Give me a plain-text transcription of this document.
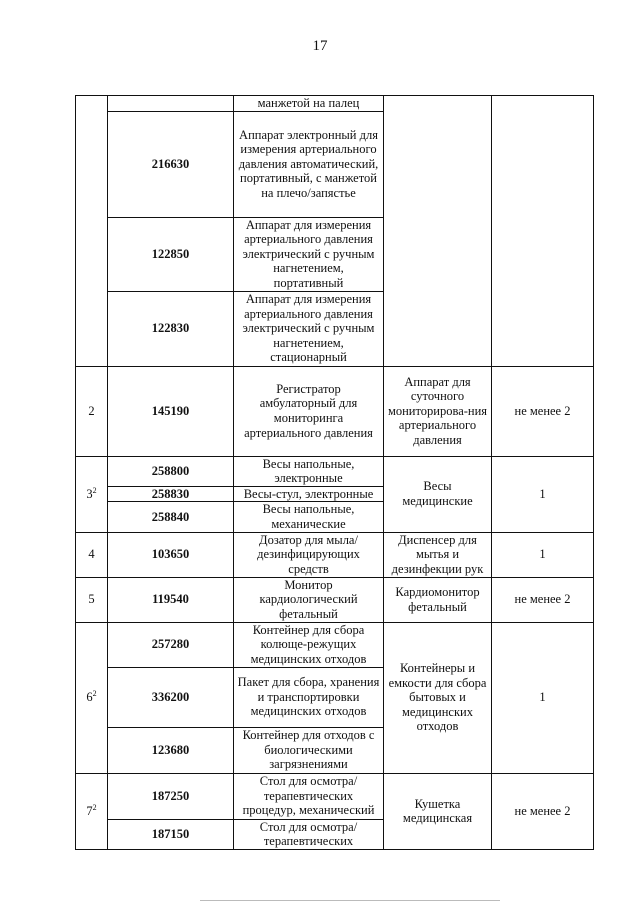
17
		манжетой на палец		
	216630	Аппарат электронный для измерения артериального давления автоматический, портативный, с манжетой на плечо/запястье		
	122850	Аппарат для измерения артериального давления электрический с ручным нагнетением, портативный		
	122830	Аппарат для измерения артериального давления электрический с ручным нагнетением, стационарный		
2	145190	Регистратор амбулаторный для мониторинга артериального давления	Аппарат для суточного мониторирова-ния артериального давления	не менее 2
$3^2$	258800	Весы напольные, электронные	Весы медицинские	1
	258830	Весы-стул, электронные		
	258840	Весы напольные, механические		
4	103650	Дозатор для мыла/ дезинфицирующих средств	Диспенсер для мытья и дезинфекции рук	1
5	119540	Монитор кардиологический фетальный	Кардиомонитор фетальный	не менее 2
$6^2$	257280	Контейнер для сбора колюще-режущих медицинских отходов	Контейнеры и емкости для сбора бытовых и медицинских отходов	1
	336200	Пакет для сбора, хранения и транспортировки медицинских отходов		
	123680	Контейнер для отходов с биологическими загрязнениями		
$7^2$	187250	Стол для осмотра/терапевтических процедур, механический	Кушетка медицинская	не менее 2
	187150	Стол для осмотра/терапевтических		
